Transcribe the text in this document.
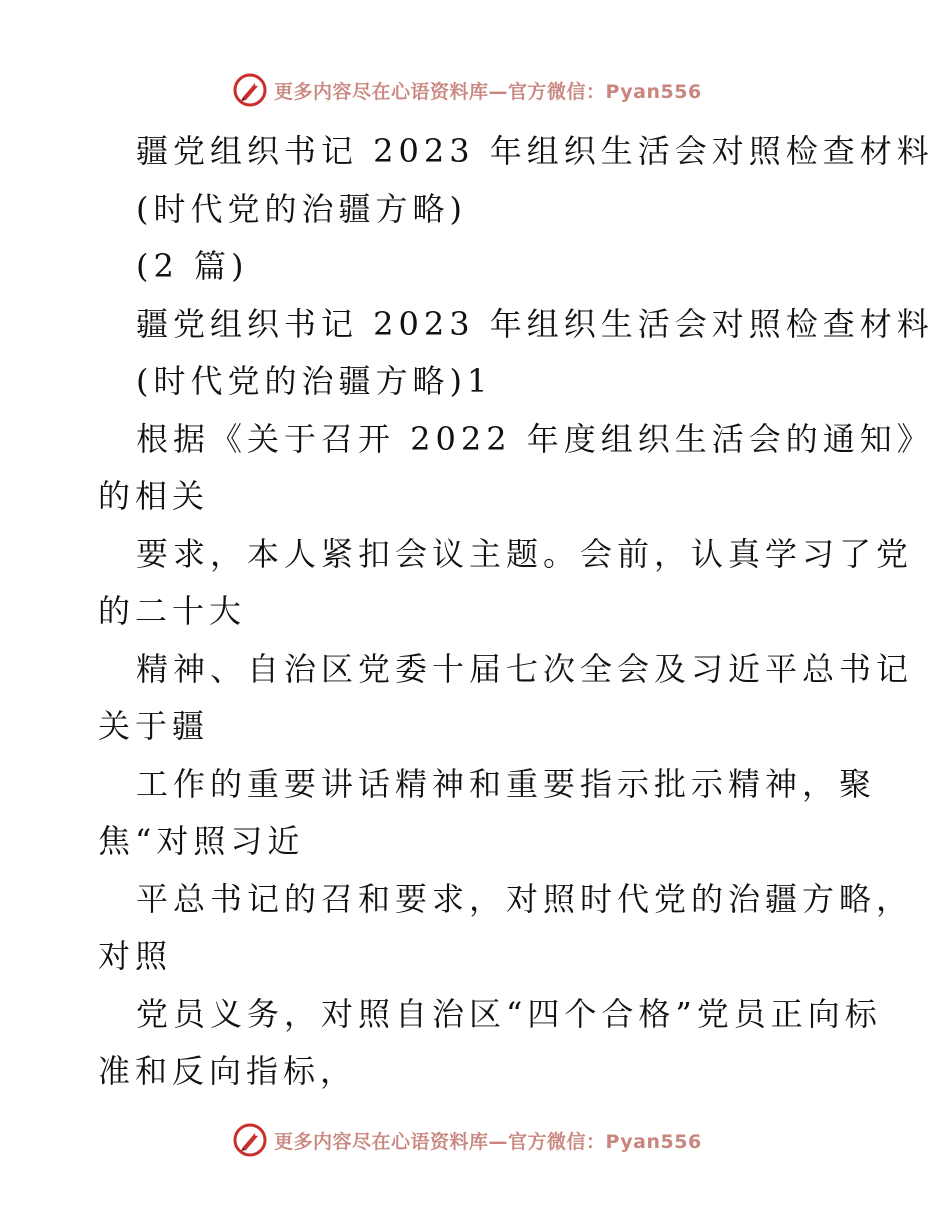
更多内容尽在心语资料库—官方微信：Pyan556
疆党组织书记 2023 年组织生活会对照检查材料
(时代党的治疆方略)
(2 篇)
疆党组织书记 2023 年组织生活会对照检查材料
(时代党的治疆方略)1
根据《关于召开 2022 年度组织生活会的通知》
的相关
要求，本人紧扣会议主题。会前，认真学习了党
的二十大
精神、自治区党委十届七次全会及习近平总书记
关于疆
工作的重要讲话精神和重要指示批示精神，聚
焦“对照习近
平总书记的召和要求，对照时代党的治疆方略，
对照
党员义务，对照自治区“四个合格”党员正向标
准和反向指标，
更多内容尽在心语资料库—官方微信：Pyan556
